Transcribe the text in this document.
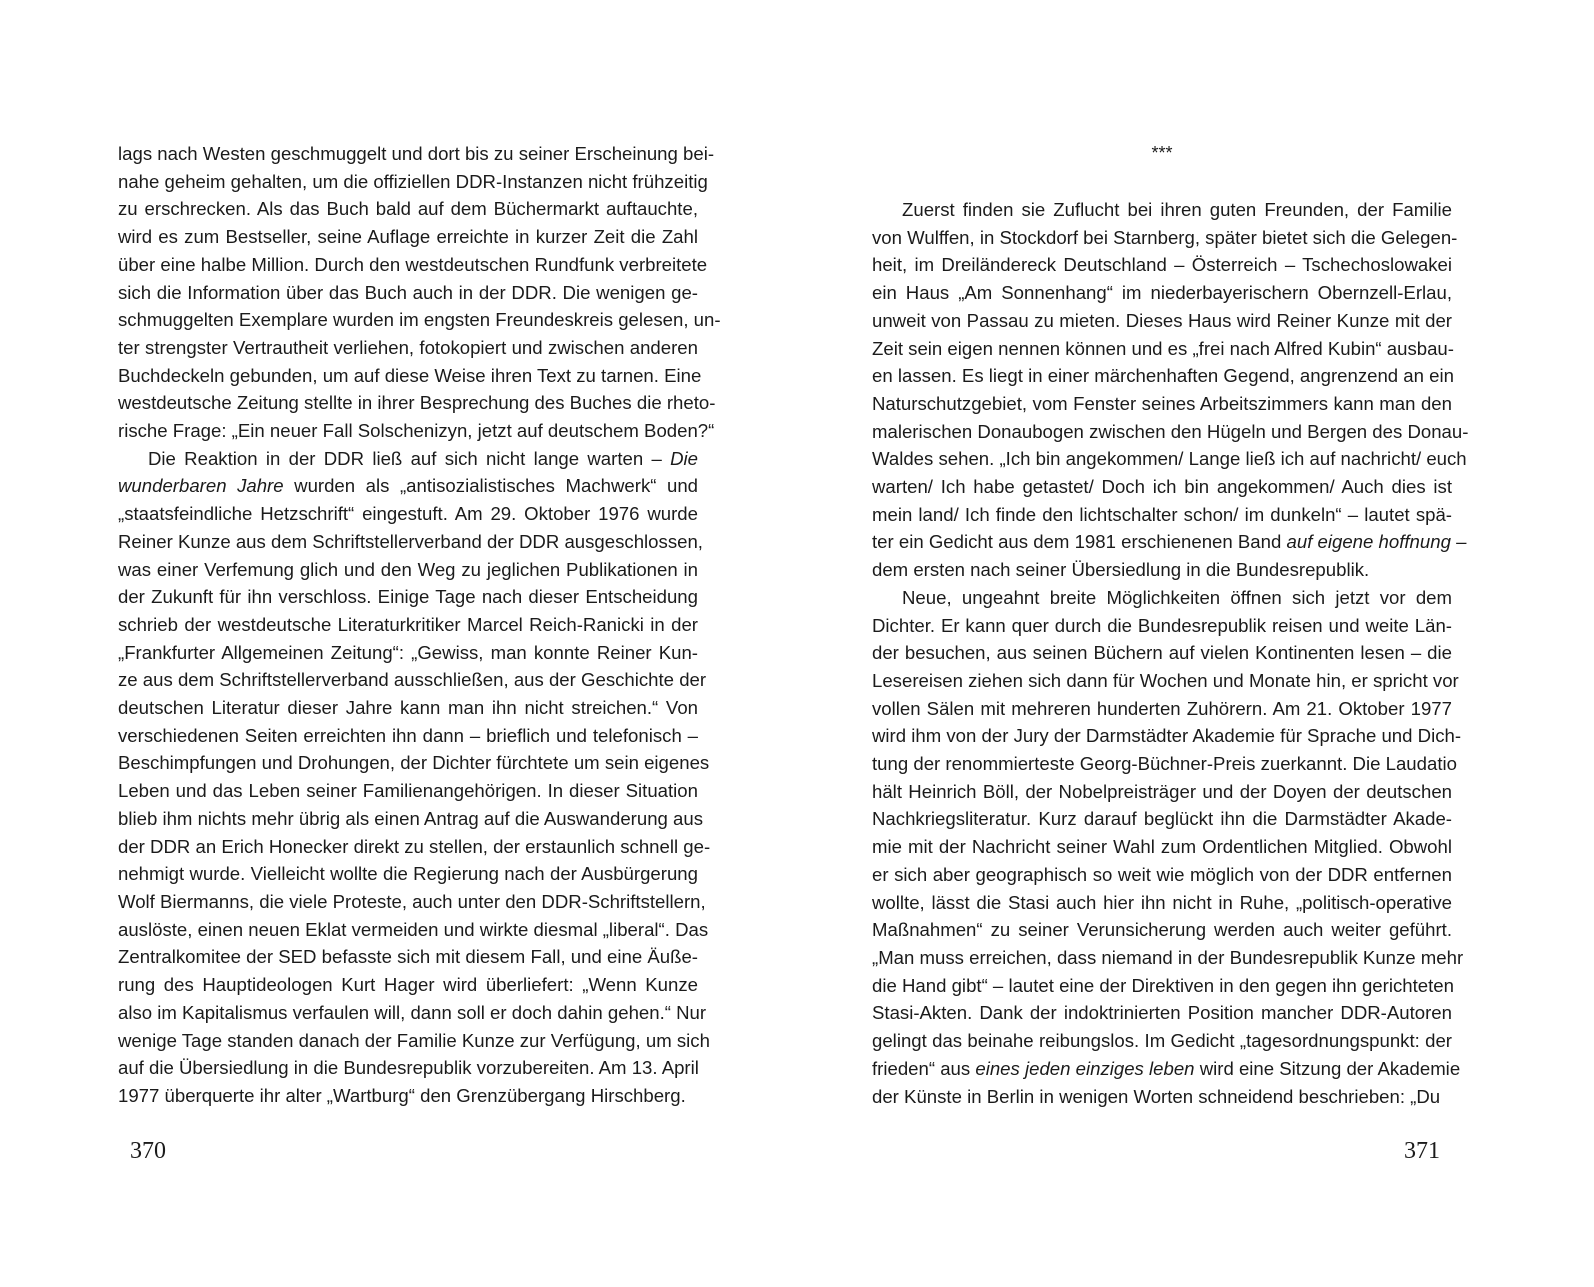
lags nach Westen geschmuggelt und dort bis zu seiner Erscheinung bei-
nahe geheim gehalten, um die offiziellen DDR-Instanzen nicht frühzeitig
zu erschrecken. Als das Buch bald auf dem Büchermarkt auftauchte,
wird es zum Bestseller, seine Auflage erreichte in kurzer Zeit die Zahl
über eine halbe Million. Durch den westdeutschen Rundfunk verbreitete
sich die Information über das Buch auch in der DDR. Die wenigen ge-
schmuggelten Exemplare wurden im engsten Freundeskreis gelesen, un-
ter strengster Vertrautheit verliehen, fotokopiert und zwischen anderen
Buchdeckeln gebunden, um auf diese Weise ihren Text zu tarnen. Eine
westdeutsche Zeitung stellte in ihrer Besprechung des Buches die rheto-
rische Frage: „Ein neuer Fall Solschenizyn, jetzt auf deutschem Boden?“

Die Reaktion in der DDR ließ auf sich nicht lange warten – Die
wunderbaren Jahre wurden als „antisozialistisches Machwerk“ und
„staatsfeindliche Hetzschrift“ eingestuft. Am 29. Oktober 1976 wurde
Reiner Kunze aus dem Schriftstellerverband der DDR ausgeschlossen,
was einer Verfemung glich und den Weg zu jeglichen Publikationen in
der Zukunft für ihn verschloss. Einige Tage nach dieser Entscheidung
schrieb der westdeutsche Literaturkritiker Marcel Reich-Ranicki in der
„Frankfurter Allgemeinen Zeitung“: „Gewiss, man konnte Reiner Kun-
ze aus dem Schriftstellerverband ausschließen, aus der Geschichte der
deutschen Literatur dieser Jahre kann man ihn nicht streichen.“ Von
verschiedenen Seiten erreichten ihn dann – brieflich und telefonisch –
Beschimpfungen und Drohungen, der Dichter fürchtete um sein eigenes
Leben und das Leben seiner Familienangehörigen. In dieser Situation
blieb ihm nichts mehr übrig als einen Antrag auf die Auswanderung aus
der DDR an Erich Honecker direkt zu stellen, der erstaunlich schnell ge-
nehmigt wurde. Vielleicht wollte die Regierung nach der Ausbürgerung
Wolf Biermanns, die viele Proteste, auch unter den DDR-Schriftstellern,
auslöste, einen neuen Eklat vermeiden und wirkte diesmal „liberal“. Das
Zentralkomitee der SED befasste sich mit diesem Fall, und eine Äuße-
rung des Hauptideologen Kurt Hager wird überliefert: „Wenn Kunze
also im Kapitalismus verfaulen will, dann soll er doch dahin gehen.“ Nur
wenige Tage standen danach der Familie Kunze zur Verfügung, um sich
auf die Übersiedlung in die Bundesrepublik vorzubereiten. Am 13. April
1977 überquerte ihr alter „Wartburg“ den Grenzübergang Hirschberg.

370
***

Zuerst finden sie Zuflucht bei ihren guten Freunden, der Familie
von Wulffen, in Stockdorf bei Starnberg, später bietet sich die Gelegen-
heit, im Dreiländereck Deutschland – Österreich – Tschechoslowakei
ein Haus „Am Sonnenhang“ im niederbayerischern Obernzell-Erlau,
unweit von Passau zu mieten. Dieses Haus wird Reiner Kunze mit der
Zeit sein eigen nennen können und es „frei nach Alfred Kubin“ ausbau-
en lassen. Es liegt in einer märchenhaften Gegend, angrenzend an ein
Naturschutzgebiet, vom Fenster seines Arbeitszimmers kann man den
malerischen Donaubogen zwischen den Hügeln und Bergen des Donau-
Waldes sehen. „Ich bin angekommen/ Lange ließ ich auf nachricht/ euch
warten/ Ich habe getastet/ Doch ich bin angekommen/ Auch dies ist
mein land/ Ich finde den lichtschalter schon/ im dunkeln“ – lautet spä-
ter ein Gedicht aus dem 1981 erschienenen Band auf eigene hoffnung –
dem ersten nach seiner Übersiedlung in die Bundesrepublik.

Neue, ungeahnt breite Möglichkeiten öffnen sich jetzt vor dem
Dichter. Er kann quer durch die Bundesrepublik reisen und weite Län-
der besuchen, aus seinen Büchern auf vielen Kontinenten lesen – die
Lesereisen ziehen sich dann für Wochen und Monate hin, er spricht vor
vollen Sälen mit mehreren hunderten Zuhörern. Am 21. Oktober 1977
wird ihm von der Jury der Darmstädter Akademie für Sprache und Dich-
tung der renommierteste Georg-Büchner-Preis zuerkannt. Die Laudatio
hält Heinrich Böll, der Nobelpreisträger und der Doyen der deutschen
Nachkriegsliteratur. Kurz darauf beglückt ihn die Darmstädter Akade-
mie mit der Nachricht seiner Wahl zum Ordentlichen Mitglied. Obwohl
er sich aber geographisch so weit wie möglich von der DDR entfernen
wollte, lässt die Stasi auch hier ihn nicht in Ruhe, „politisch-operative
Maßnahmen“ zu seiner Verunsicherung werden auch weiter geführt.
„Man muss erreichen, dass niemand in der Bundesrepublik Kunze mehr
die Hand gibt“ – lautet eine der Direktiven in den gegen ihn gerichteten
Stasi-Akten. Dank der indoktrinierten Position mancher DDR-Autoren
gelingt das beinahe reibungslos. Im Gedicht „tagesordnungspunkt: der
frieden“ aus eines jeden einziges leben wird eine Sitzung der Akademie
der Künste in Berlin in wenigen Worten schneidend beschrieben: „Du

371
